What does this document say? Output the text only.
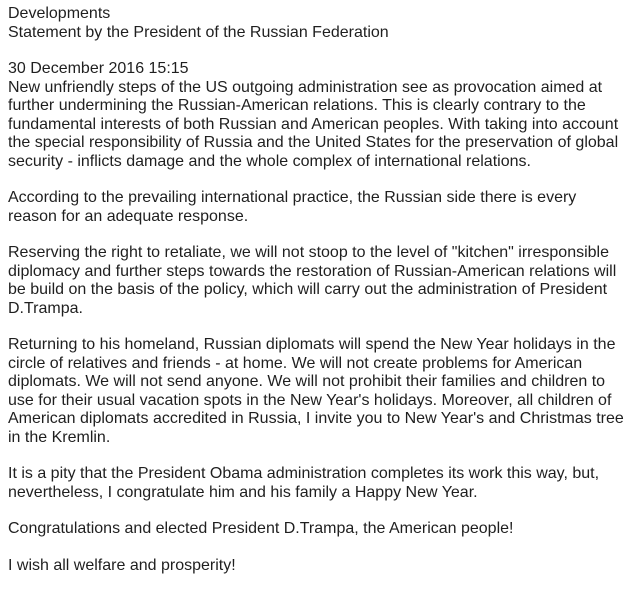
Developments
Statement by the President of the Russian Federation
30 December 2016 15:15

New unfriendly steps of the US outgoing administration see as provocation aimed at
further undermining the Russian-American relations. This is clearly contrary to the
fundamental interests of both Russian and American peoples. With taking into account
the special responsibility of Russia and the United States for the preservation of global
security - inflicts damage and the whole complex of international relations.

According to the prevailing international practice, the Russian side there is every
reason for an adequate response.

Reserving the right to retaliate, we will not stoop to the level of "kitchen" irresponsible
diplomacy and further steps towards the restoration of Russian-American relations will
be build on the basis of the policy, which will carry out the administration of President
D.Trampa.

Returning to his homeland, Russian diplomats will spend the New Year holidays in the
circle of relatives and friends - at home. We will not create problems for American
diplomats. We will not send anyone. We will not prohibit their families and children to
use for their usual vacation spots in the New Year's holidays. Moreover, all children of
American diplomats accredited in Russia, I invite you to New Year's and Christmas tree
in the Kremlin.

It is a pity that the President Obama administration completes its work this way, but,
nevertheless, I congratulate him and his family a Happy New Year.

Congratulations and elected President D.Trampa, the American people!

I wish all welfare and prosperity!
